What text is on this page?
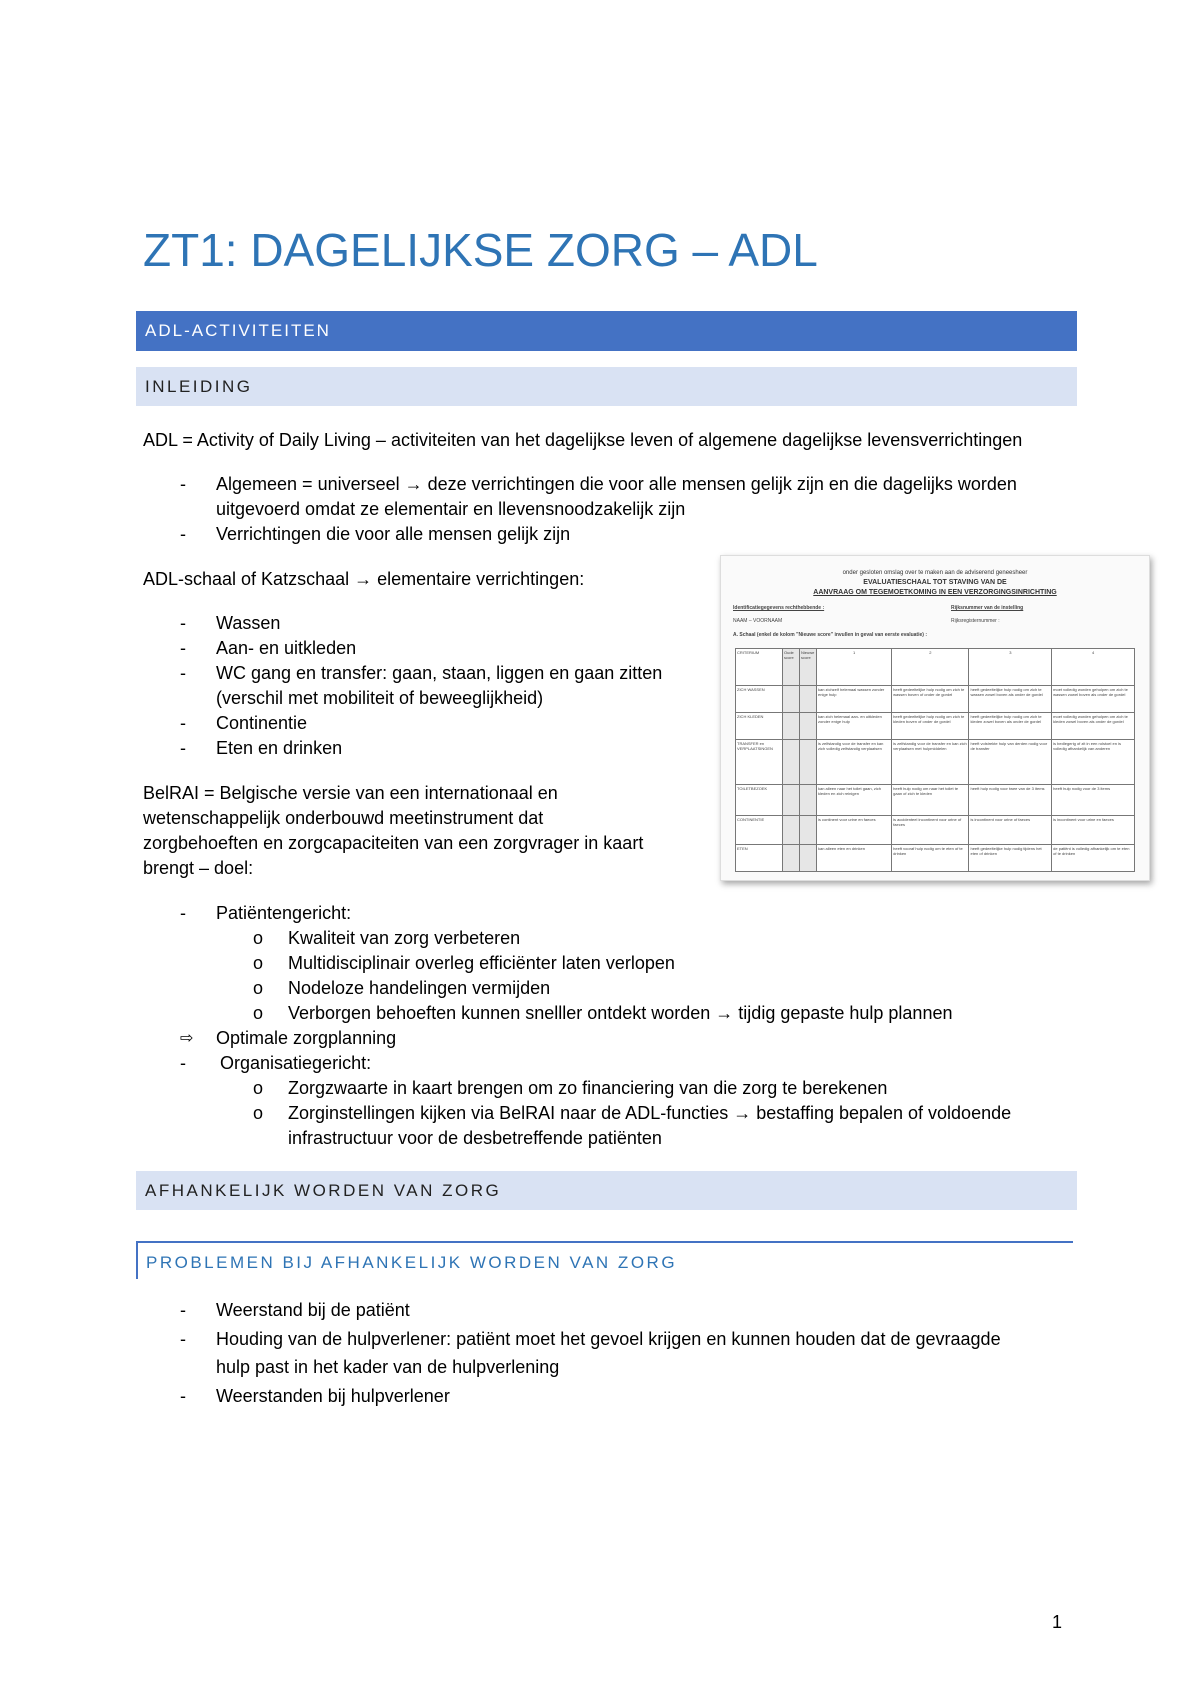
ZT1: DAGELIJKSE ZORG – ADL
ADL-ACTIVITEITEN
INLEIDING
ADL = Activity of Daily Living – activiteiten van het dagelijkse leven of algemene dagelijkse levensverrichtingen
- Algemeen = universeel → deze verrichtingen die voor alle mensen gelijk zijn en die dagelijks worden
uitgevoerd omdat ze elementair en llevensnoodzakelijk zijn
- Verrichtingen die voor alle mensen gelijk zijn
ADL-schaal of Katzschaal → elementaire verrichtingen:
- Wassen
- Aan- en uitkleden
- WC gang en transfer: gaan, staan, liggen en gaan zitten
(verschil met mobiliteit of beweeglijkheid)
- Continentie
- Eten en drinken
BelRAI = Belgische versie van een internationaal en
wetenschappelijk onderbouwd meetinstrument dat
zorgbehoeften en zorgcapaciteiten van een zorgvrager in kaart
brengt – doel:
- Patiëntengericht:
o Kwaliteit van zorg verbeteren
o Multidisciplinair overleg efficiënter laten verlopen
o Nodeloze handelingen vermijden
o Verborgen behoeften kunnen snelller ontdekt worden → tijdig gepaste hulp plannen
⇨ Optimale zorgplanning
- Organisatiegericht:
o Zorgzwaarte in kaart brengen om zo financiering van die zorg te berekenen
o Zorginstellingen kijken via BelRAI naar de ADL-functies → bestaffing bepalen of voldoende
infrastructuur voor de desbetreffende patiënten
AFHANKELIJK WORDEN VAN ZORG
PROBLEMEN BIJ AFHANKELIJK WORDEN VAN ZORG
- Weerstand bij de patiënt
- Houding van de hulpverlener: patiënt moet het gevoel krijgen en kunnen houden dat de gevraagde
hulp past in het kader van de hulpverlening
- Weerstanden bij hulpverlener
1
onder gesloten omslag over te maken aan de adviserend geneesheer
EVALUATIESCHAAL TOT STAVING VAN DE
AANVRAAG OM TEGEMOETKOMING IN EEN VERZORGINGSINRICHTING
Identificatiegegevens rechthebbende :	Rijksnummer van de instelling
NAAM – VOORNAAM	Rijksregisternummer :
A. Schaal (enkel de kolom "Nieuwe score" invullen in geval van eerste evaluatie) :
CRITERIUM	Oude score	Nieuwe score	1	2	3	4
ZICH WASSEN			kan zichzelf helemaal wassen zonder enige hulp	heeft gedeeltelijke hulp nodig om zich te wassen boven of onder de gordel	heeft gedeeltelijke hulp nodig om zich te wassen zowel boven als onder de gordel	moet volledig worden geholpen om zich te wassen zowel boven als onder de gordel
ZICH KLEDEN			kan zich helemaal aan- en uitkleden zonder enige hulp	heeft gedeeltelijke hulp nodig om zich te kleden boven of onder de gordel	heeft gedeeltelijke hulp nodig om zich te kleden zowel boven als onder de gordel	moet volledig worden geholpen om zich te kleden zowel boven als onder de gordel
TRANSFER en VERPLAATSINGEN			is zelfstandig voor de transfer en kan zich volledig zelfstandig verplaatsen	is zelfstandig voor de transfer en kan zich verplaatsen met hulpmiddelen	heeft volstrekte hulp van derden nodig voor de transfer	is bedlegerig of zit in een rolstoel en is volledig afhankelijk van anderen
TOILETBEZOEK			kan alleen naar het toilet gaan, zich kleden en zich reinigen	heeft hulp nodig om naar het toilet te gaan of zich te kleden	heeft hulp nodig voor twee van de 3 items	heeft hulp nodig voor de 3 items
CONTINENTIE			is continent voor urine en faeces	is accidenteel incontinent voor urine of faeces	is incontinent voor urine of faeces	is incontinent voor urine en faeces
ETEN			kan alleen eten en drinken	heeft vooraf hulp nodig om te eten of te drinken	heeft gedeeltelijke hulp nodig tijdens het eten of drinken	de patiënt is volledig afhankelijk om te eten of te drinken
